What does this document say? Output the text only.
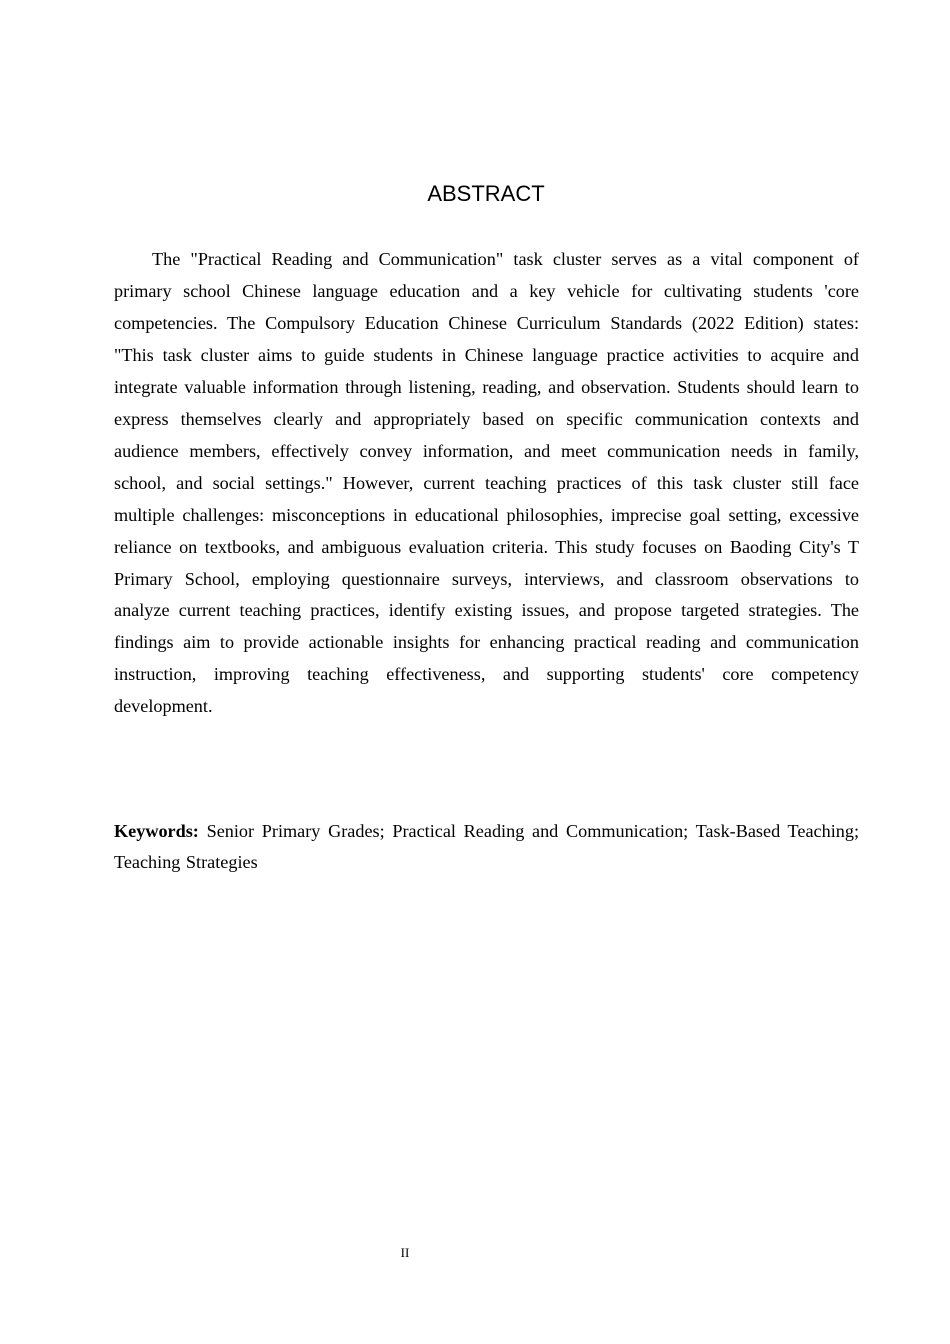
ABSTRACT

The "Practical Reading and Communication" task cluster serves as a vital component of primary school Chinese language education and a key vehicle for cultivating students 'core competencies. The Compulsory Education Chinese Curriculum Standards (2022 Edition) states: "This task cluster aims to guide students in Chinese language practice activities to acquire and integrate valuable information through listening, reading, and observation. Students should learn to express themselves clearly and appropriately based on specific communication contexts and audience members, effectively convey information, and meet communication needs in family, school, and social settings." However, current teaching practices of this task cluster still face multiple challenges: misconceptions in educational philosophies, imprecise goal setting, excessive reliance on textbooks, and ambiguous evaluation criteria. This study focuses on Baoding City's T Primary School, employing questionnaire surveys, interviews, and classroom observations to analyze current teaching practices, identify existing issues, and propose targeted strategies. The findings aim to provide actionable insights for enhancing practical reading and communication instruction, improving teaching effectiveness, and supporting students' core competency development.

Keywords: Senior Primary Grades; Practical Reading and Communication; Task-Based Teaching; Teaching Strategies

II
